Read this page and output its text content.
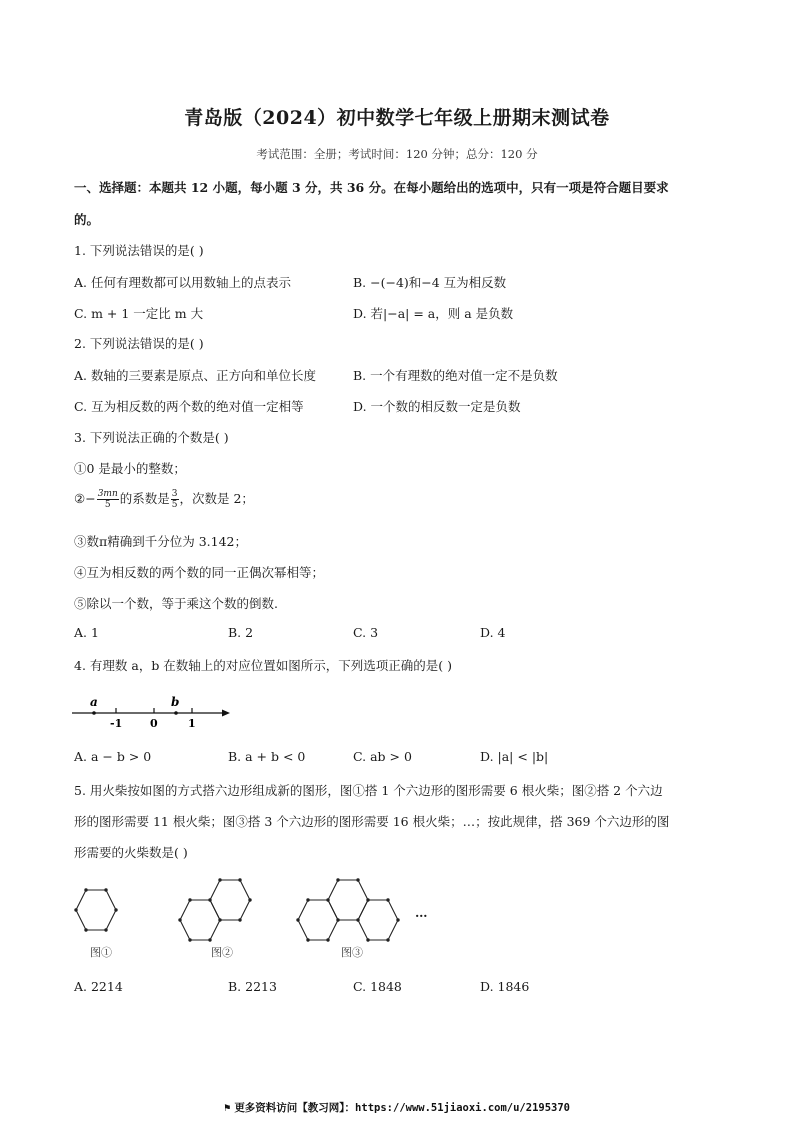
青岛版（2024）初中数学七年级上册期末测试卷
考试范围：全册；考试时间：120 分钟；总分：120 分
一、选择题：本题共 12 小题，每小题 3 分，共 36 分。在每小题给出的选项中，只有一项是符合题目要求
的。
1. 下列说法错误的是( )
A. 任何有理数都可以用数轴上的点表示	B. −(−4)和−4 互为相反数
C. m + 1 一定比 m 大	D. 若|−a| = a，则 a 是负数
2. 下列说法错误的是( )
A. 数轴的三要素是原点、正方向和单位长度	B. 一个有理数的绝对值一定不是负数
C. 互为相反数的两个数的绝对值一定相等	D. 一个数的相反数一定是负数
3. 下列说法正确的个数是( )
①0 是最小的整数；
②− $\frac{3mn}{5}$ 的系数是 $\frac{3}{5}$ ，次数是 2；
③数π精确到千分位为 3.142；
④互为相反数的两个数的同一正偶次幂相等；
⑤除以一个数，等于乘这个数的倒数.
A. 1	B. 2	C. 3	D. 4
4. 有理数 a，b 在数轴上的对应位置如图所示，下列选项正确的是( )
a	b
-1	0	1
A. a − b > 0	B. a + b < 0	C. ab > 0	D. |a| < |b|
5. 用火柴按如图的方式搭六边形组成新的图形，图①搭 1 个六边形的图形需要 6 根火柴；图②搭 2 个六边
形的图形需要 11 根火柴；图③搭 3 个六边形的图形需要 16 根火柴；…；按此规律，搭 369 个六边形的图
形需要的火柴数是( )
…
图①	图②	图③
A. 2214	B. 2213	C. 1848	D. 1846
⚑ 更多资料访问【教习网】：https://www.51jiaoxi.com/u/2195370
